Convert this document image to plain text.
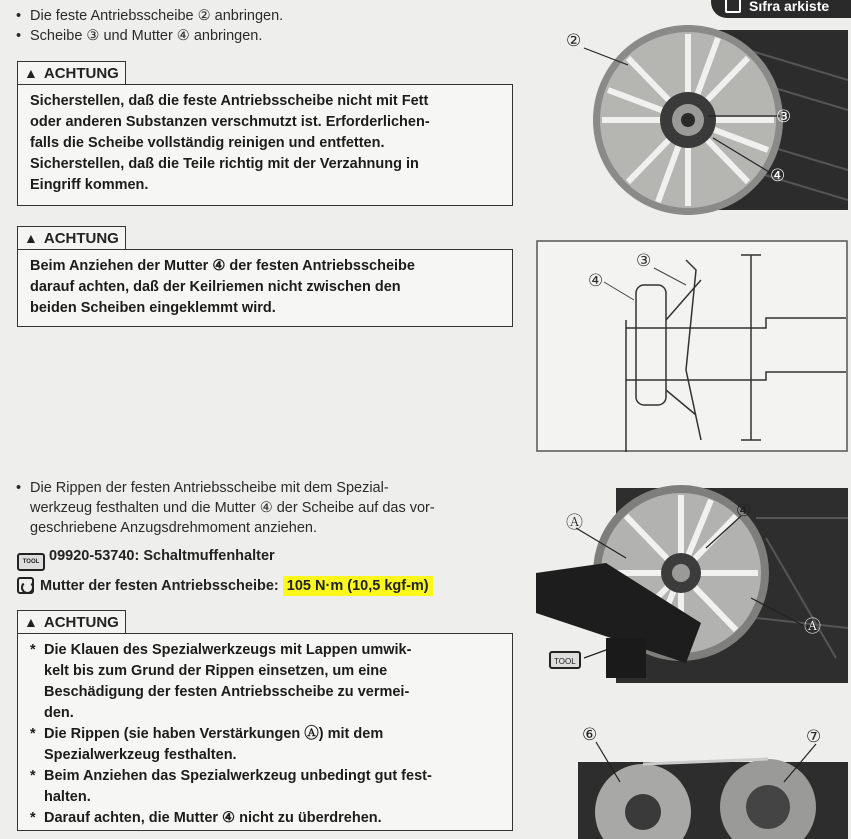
Sıfra arkiste
• Die feste Antriebsscheibe ② anbringen.
• Scheibe ③ und Mutter ④ anbringen.
▲ ACHTUNG
Sicherstellen, daß die feste Antriebsscheibe nicht mit Fett
oder anderen Substanzen verschmutzt ist. Erforderlichen-
falls die Scheibe vollständig reinigen und entfetten.
Sicherstellen, daß die Teile richtig mit der Verzahnung in
Eingriff kommen.
▲ ACHTUNG
Beim Anziehen der Mutter ④ der festen Antriebsscheibe
darauf achten, daß der Keilriemen nicht zwischen den
beiden Scheiben eingeklemmt wird.
• Die Rippen der festen Antriebsscheibe mit dem Spezial-
werkzeug festhalten und die Mutter ④ der Scheibe auf das vor-
geschriebene Anzugsdrehmoment anziehen.
TOOL 09920-53740: Schaltmuffenhalter
Mutter der festen Antriebsscheibe: 105 N·m (10,5 kgf-m)
▲ ACHTUNG
* Die Klauen des Spezialwerkzeugs mit Lappen umwik-
kelt bis zum Grund der Rippen einsetzen, um eine
Beschädigung der festen Antriebsscheibe zu vermei-
den.
* Die Rippen (sie haben Verstärkungen Ⓐ) mit dem
Spezialwerkzeug festhalten.
* Beim Anziehen das Spezialwerkzeug unbedingt gut fest-
halten.
* Darauf achten, die Mutter ④ nicht zu überdrehen.
②
③
④
④
③
Ⓐ
④
Ⓐ
TOOL
⑥	⑦
